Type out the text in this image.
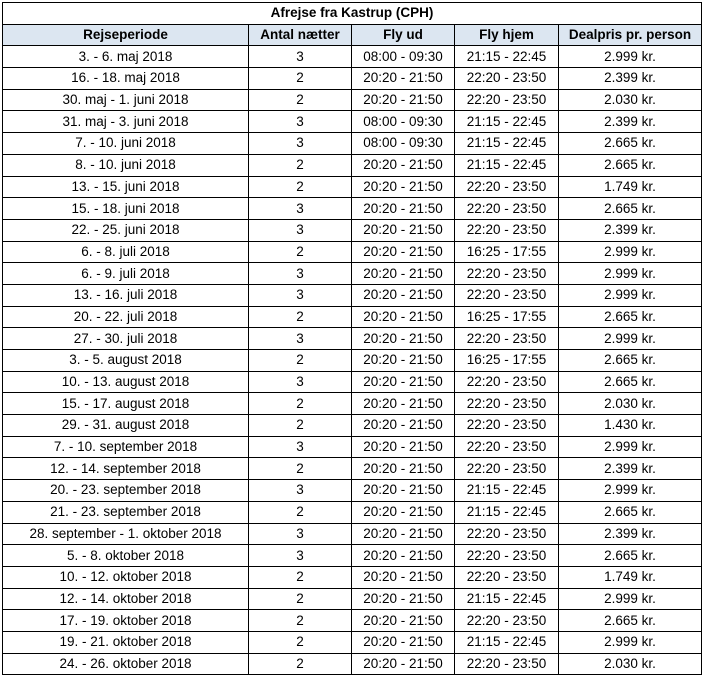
Afrejse fra Kastrup (CPH)				
Rejseperiode	Antal nætter	Fly ud	Fly hjem	Dealpris pr. person
3. - 6. maj 2018	3	08:00 - 09:30	21:15 - 22:45	2.999 kr.
16. - 18. maj 2018	2	20:20 - 21:50	22:20 - 23:50	2.399 kr.
30. maj - 1. juni 2018	2	20:20 - 21:50	22:20 - 23:50	2.030 kr.
31. maj - 3. juni 2018	3	08:00 - 09:30	21:15 - 22:45	2.399 kr.
7. - 10. juni 2018	3	08:00 - 09:30	21:15 - 22:45	2.665 kr.
8. - 10. juni 2018	2	20:20 - 21:50	21:15 - 22:45	2.665 kr.
13. - 15. juni 2018	2	20:20 - 21:50	22:20 - 23:50	1.749 kr.
15. - 18. juni 2018	3	20:20 - 21:50	22:20 - 23:50	2.665 kr.
22. - 25. juni 2018	3	20:20 - 21:50	22:20 - 23:50	2.399 kr.
6. - 8. juli 2018	2	20:20 - 21:50	16:25 - 17:55	2.999 kr.
6. - 9. juli 2018	3	20:20 - 21:50	22:20 - 23:50	2.999 kr.
13. - 16. juli 2018	3	20:20 - 21:50	22:20 - 23:50	2.999 kr.
20. - 22. juli 2018	2	20:20 - 21:50	16:25 - 17:55	2.665 kr.
27. - 30. juli 2018	3	20:20 - 21:50	22:20 - 23:50	2.999 kr.
3. - 5. august 2018	2	20:20 - 21:50	16:25 - 17:55	2.665 kr.
10. - 13. august 2018	3	20:20 - 21:50	22:20 - 23:50	2.665 kr.
15. - 17. august 2018	2	20:20 - 21:50	22:20 - 23:50	2.030 kr.
29. - 31. august 2018	2	20:20 - 21:50	22:20 - 23:50	1.430 kr.
7. - 10. september 2018	3	20:20 - 21:50	22:20 - 23:50	2.999 kr.
12. - 14. september 2018	2	20:20 - 21:50	22:20 - 23:50	2.399 kr.
20. - 23. september 2018	3	20:20 - 21:50	21:15 - 22:45	2.999 kr.
21. - 23. september 2018	2	20:20 - 21:50	21:15 - 22:45	2.665 kr.
28. september - 1. oktober 2018	3	20:20 - 21:50	22:20 - 23:50	2.399 kr.
5. - 8. oktober 2018	3	20:20 - 21:50	22:20 - 23:50	2.665 kr.
10. - 12. oktober 2018	2	20:20 - 21:50	22:20 - 23:50	1.749 kr.
12. - 14. oktober 2018	2	20:20 - 21:50	21:15 - 22:45	2.999 kr.
17. - 19. oktober 2018	2	20:20 - 21:50	22:20 - 23:50	2.665 kr.
19. - 21. oktober 2018	2	20:20 - 21:50	21:15 - 22:45	2.999 kr.
24. - 26. oktober 2018	2	20:20 - 21:50	22:20 - 23:50	2.030 kr.
